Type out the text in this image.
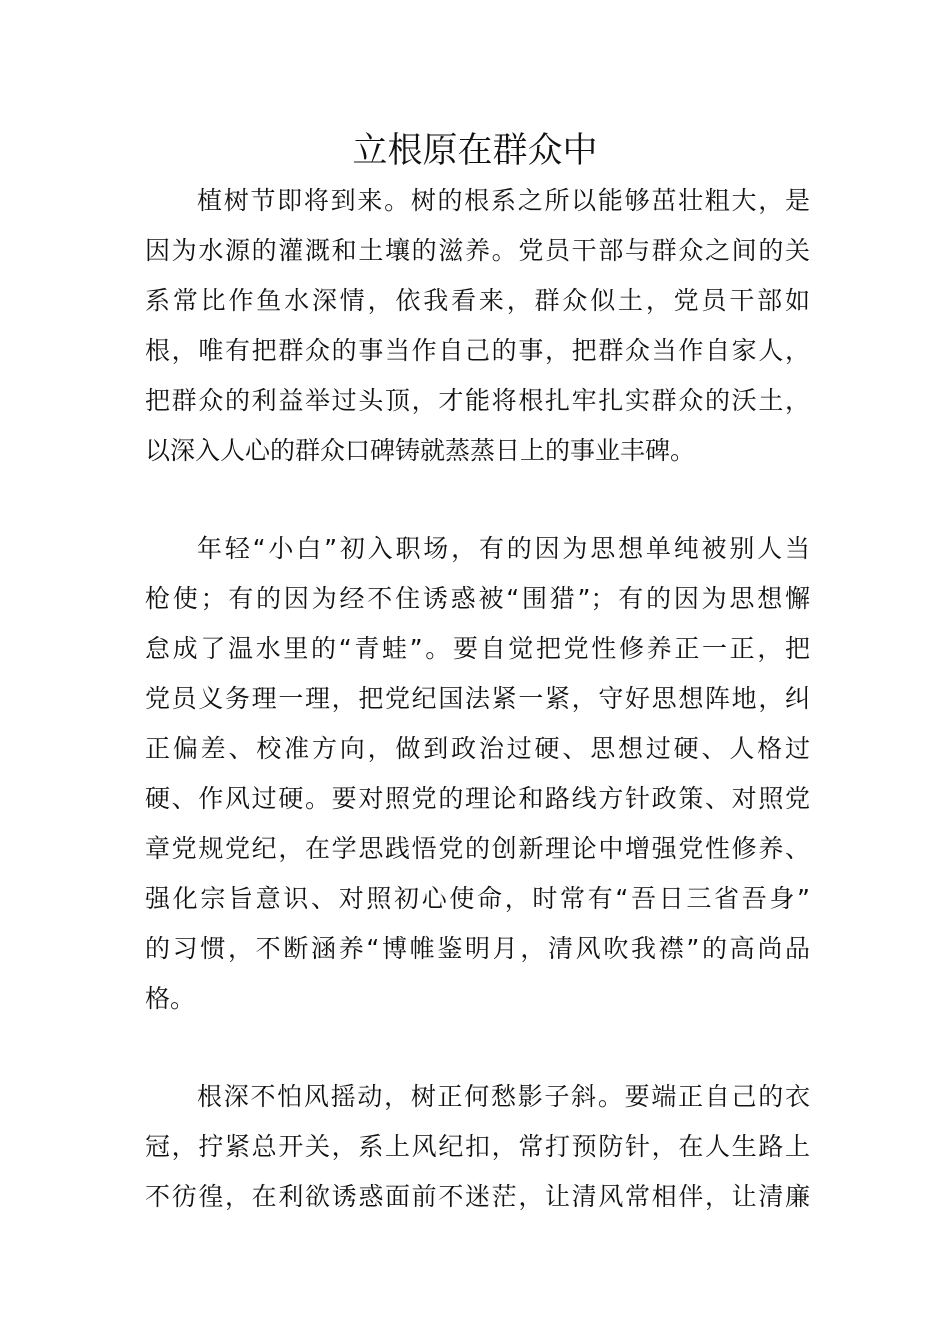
立根原在群众中
植树节即将到来。树的根系之所以能够茁壮粗大，是
因为水源的灌溉和土壤的滋养。党员干部与群众之间的关
系常比作鱼水深情，依我看来，群众似土，党员干部如
根，唯有把群众的事当作自己的事，把群众当作自家人，
把群众的利益举过头顶，才能将根扎牢扎实群众的沃土，
以深入人心的群众口碑铸就蒸蒸日上的事业丰碑。
年轻“小白”初入职场，有的因为思想单纯被别人当
枪使；有的因为经不住诱惑被“围猎”；有的因为思想懈
怠成了温水里的“青蛙”。要自觉把党性修养正一正，把
党员义务理一理，把党纪国法紧一紧，守好思想阵地，纠
正偏差、校准方向，做到政治过硬、思想过硬、人格过
硬、作风过硬。要对照党的理论和路线方针政策、对照党
章党规党纪，在学思践悟党的创新理论中增强党性修养、
强化宗旨意识、对照初心使命，时常有“吾日三省吾身”
的习惯，不断涵养“博帷鉴明月，清风吹我襟”的高尚品
格。
根深不怕风摇动，树正何愁影子斜。要端正自己的衣
冠，拧紧总开关，系上风纪扣，常打预防针，在人生路上
不彷徨，在利欲诱惑面前不迷茫，让清风常相伴，让清廉
